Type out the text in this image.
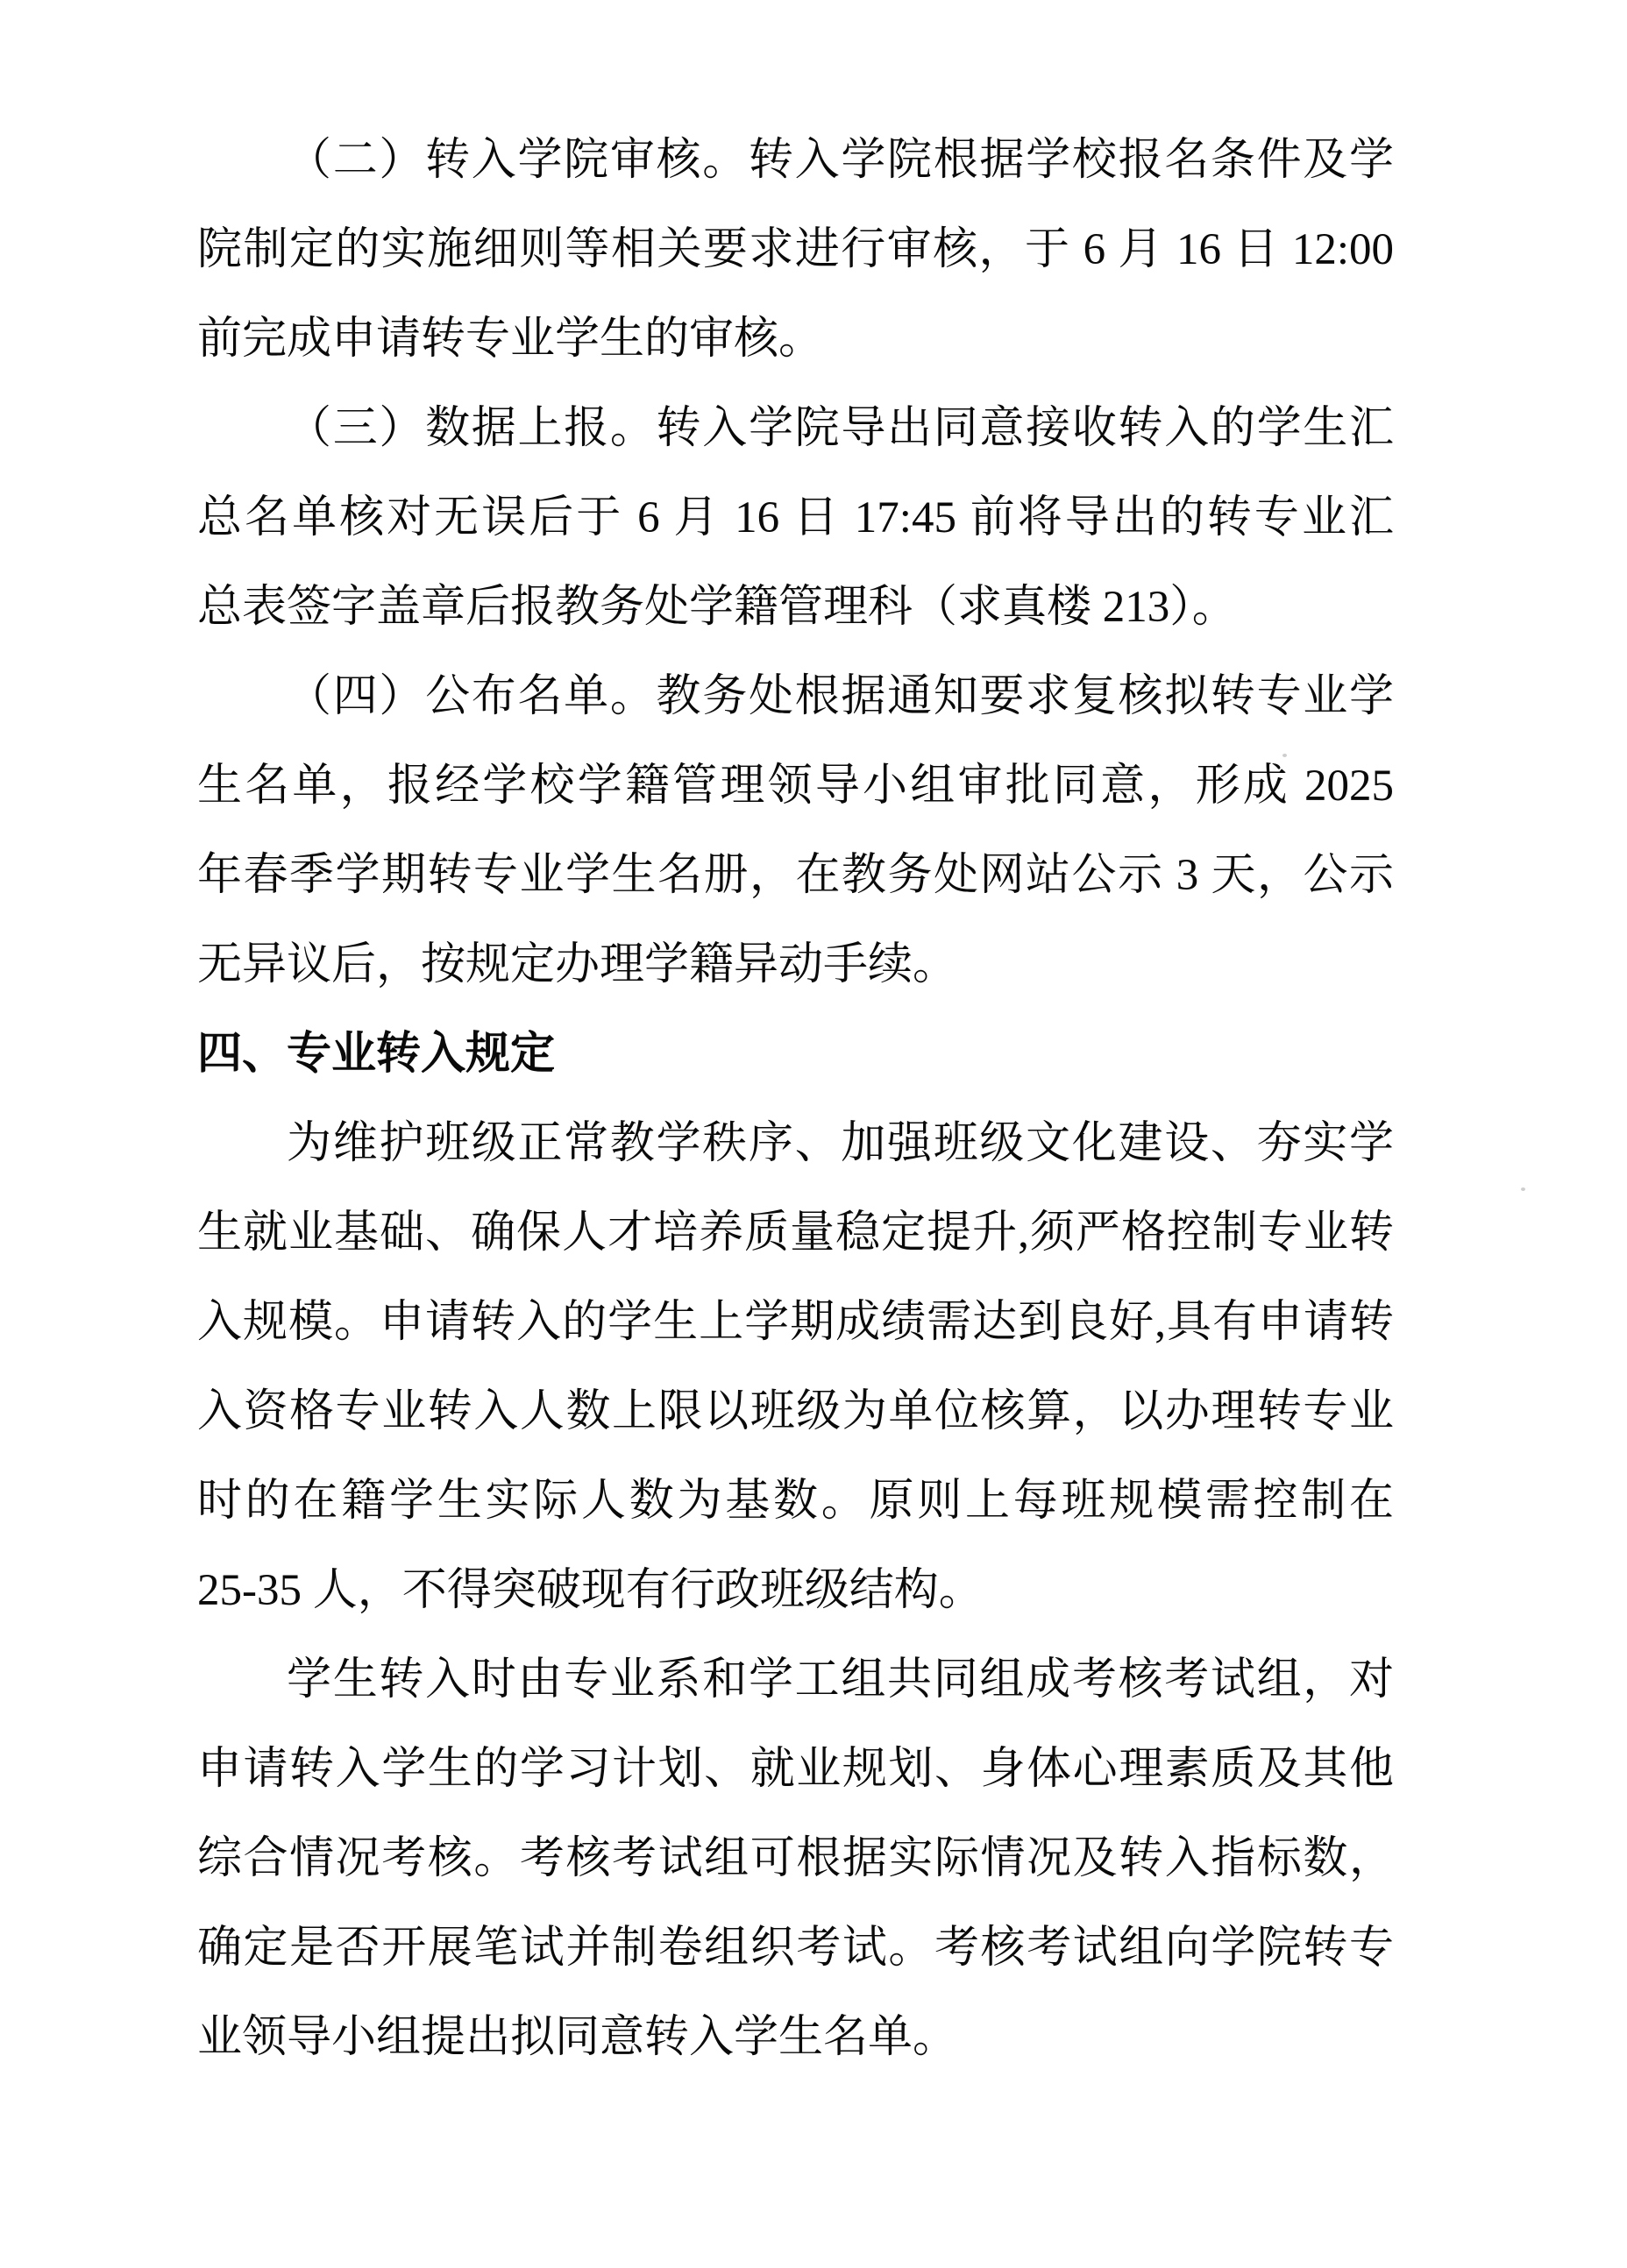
（二）转入学院审核。转入学院根据学校报名条件及学
院制定的实施细则等相关要求进行审核，于 6 月 16 日 12:00
前完成申请转专业学生的审核。
（三）数据上报。转入学院导出同意接收转入的学生汇
总名单核对无误后于 6 月 16 日 17:45 前将导出的转专业汇
总表签字盖章后报教务处学籍管理科（求真楼 213）。
（四）公布名单。教务处根据通知要求复核拟转专业学
生名单，报经学校学籍管理领导小组审批同意，形成 2025
年春季学期转专业学生名册，在教务处网站公示 3 天，公示
无异议后，按规定办理学籍异动手续。
四、专业转入规定
为维护班级正常教学秩序、加强班级文化建设、夯实学
生就业基础、确保人才培养质量稳定提升,须严格控制专业转
入规模。申请转入的学生上学期成绩需达到良好,具有申请转
入资格专业转入人数上限以班级为单位核算，以办理转专业
时的在籍学生实际人数为基数。原则上每班规模需控制在
25-35 人，不得突破现有行政班级结构。
学生转入时由专业系和学工组共同组成考核考试组，对
申请转入学生的学习计划、就业规划、身体心理素质及其他
综合情况考核。考核考试组可根据实际情况及转入指标数，
确定是否开展笔试并制卷组织考试。考核考试组向学院转专
业领导小组提出拟同意转入学生名单。
